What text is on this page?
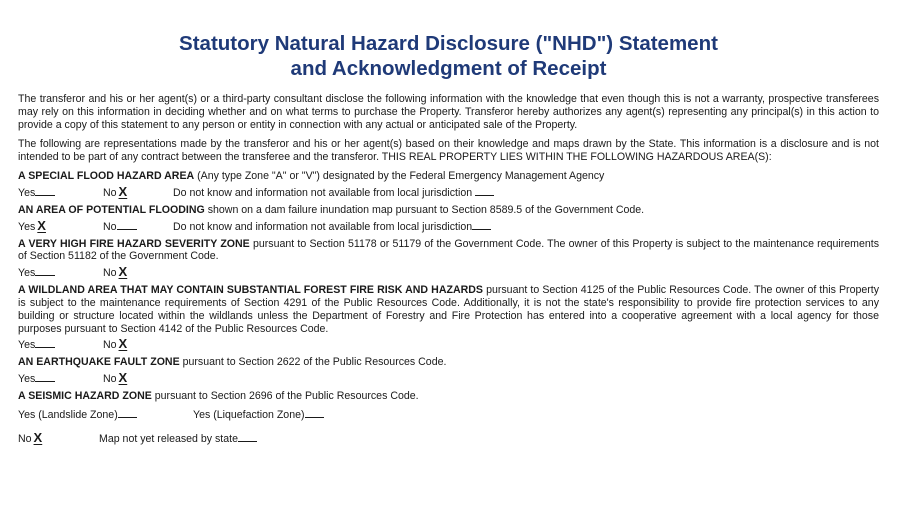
Statutory Natural Hazard Disclosure ("NHD") Statement
and Acknowledgment of Receipt

The transferor and his or her agent(s) or a third-party consultant disclose the following information with the knowledge that even though this is not a warranty, prospective transferees may rely on this information in deciding whether and on what terms to purchase the Property. Transferor hereby authorizes any agent(s) representing any principal(s) in this action to provide a copy of this statement to any person or entity in connection with any actual or anticipated sale of the Property.

The following are representations made by the transferor and his or her agent(s) based on their knowledge and maps drawn by the State. This information is a disclosure and is not intended to be part of any contract between the transferee and the transferor. THIS REAL PROPERTY LIES WITHIN THE FOLLOWING HAZARDOUS AREA(S):

A SPECIAL FLOOD HAZARD AREA (Any type Zone "A" or "V") designated by the Federal Emergency Management Agency

Yes	No X	Do not know and information not available from local jurisdiction

AN AREA OF POTENTIAL FLOODING shown on a dam failure inundation map pursuant to Section 8589.5 of the Government Code.

Yes X	No	Do not know and information not available from local jurisdiction

A VERY HIGH FIRE HAZARD SEVERITY ZONE pursuant to Section 51178 or 51179 of the Government Code. The owner of this Property is subject to the maintenance requirements of Section 51182 of the Government Code.

Yes	No X

A WILDLAND AREA THAT MAY CONTAIN SUBSTANTIAL FOREST FIRE RISK AND HAZARDS pursuant to Section 4125 of the Public Resources Code. The owner of this Property is subject to the maintenance requirements of Section 4291 of the Public Resources Code. Additionally, it is not the state's responsibility to provide fire protection services to any building or structure located within the wildlands unless the Department of Forestry and Fire Protection has entered into a cooperative agreement with a local agency for those purposes pursuant to Section 4142 of the Public Resources Code.

Yes	No X

AN EARTHQUAKE FAULT ZONE pursuant to Section 2622 of the Public Resources Code.

Yes	No X

A SEISMIC HAZARD ZONE pursuant to Section 2696 of the Public Resources Code.

Yes (Landslide Zone)	Yes (Liquefaction Zone)
No X	Map not yet released by state
